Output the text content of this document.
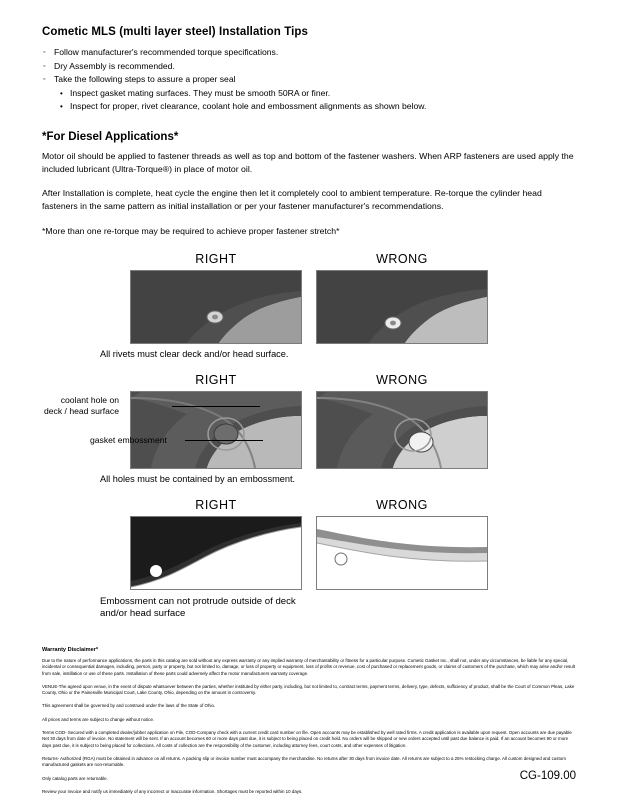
Cometic MLS (multi layer steel) Installation Tips
◦ Follow manufacturer's recommended torque specifications.
◦ Dry Assembly is recommended.
◦ Take the following steps to assure a proper seal
• Inspect gasket mating surfaces. They must be smooth 50RA or finer.
• Inspect for proper, rivet clearance, coolant hole and embossment alignments as shown below.
*For Diesel Applications*

Motor oil should be applied to fastener threads as well as top and bottom of the fastener washers. When ARP fasteners are used apply the included lubricant (Ultra-Torque®) in place of motor oil.

After Installation is complete, heat cycle the engine then let it completely cool to ambient temperature. Re-torque the cylinder head fasteners in the same pattern as initial installation or per your fastener manufacturer's recommendations.

*More than one re-torque may be required to achieve proper fastener stretch*

RIGHT	WRONG
All rivets must clear deck and/or head surface.
RIGHT	WRONG
coolant hole on
deck / head surface
gasket embossment
All holes must be contained by an embossment.
RIGHT	WRONG
Embossment can not protrude outside of deck
and/or head surface
Warranty Disclaimer*

Due to the nature of performance applications, the parts in this catalog are sold without any express warranty or any implied warranty of merchantability or fitness for a particular purpose. Cometic Gasket Inc., shall not, under any circumstances, be liable for any special, incidental or consequential damages, including, person, party or property, but not limited to, damage, or loss of property or equipment, loss of profits or revenue, cost of purchased or replacement goods, or claims of customers of the purchase, which may arise and/or result from sale, instillation or use of these parts. Installation of these parts could adversely affect the motor manufacturers warranty coverage.

VENUE-The agreed upon venue, in the event of dispute whatsoever between the parties, whether instituted by either party, including, but not limited to, contract terms, payment terms, delivery, type, defects, sufficiency of product, shall be the Court of Common Pleas, Lake County, Ohio or the Painesville Municipal Court, Lake County, Ohio, depending on the amount in controversy.

This agreement shall be governed by and construed under the laws of the State of Ohio.

All prices and terms are subject to change without notice.

Terms COD- Secured with a completed dealer/jobber application on File, COD-Company check with a current credit card number on file. Open accounts may be established by well rated firms. A credit application is available upon request. Open accounts are due payable Net 30 days from date of invoice. No statement will be sent. If an account becomes 60 or more days past due, it is subject to being placed on credit hold. No orders will be shipped or new orders accepted until past due balance is paid. If an account becomes 90 or more days past due, it is subject to being placed for collections. All costs of collection are the responsibility of the customer, including attorney fees, court costs, and other expenses of litigation.

Returns- Authorized (RGA) must be obtained in advance on all returns. A packing slip or invoice number must accompany the merchandise. No returns after 30 days from invoice date. All returns are subject to a 25% restocking charge. All custom designed and custom manufactured gaskets are non-returnable.

Only catalog parts are returnable.

Review your invoice and notify us immediately of any incorrect or inaccurate information. Shortages must be reported within 10 days.

CG-109.00
